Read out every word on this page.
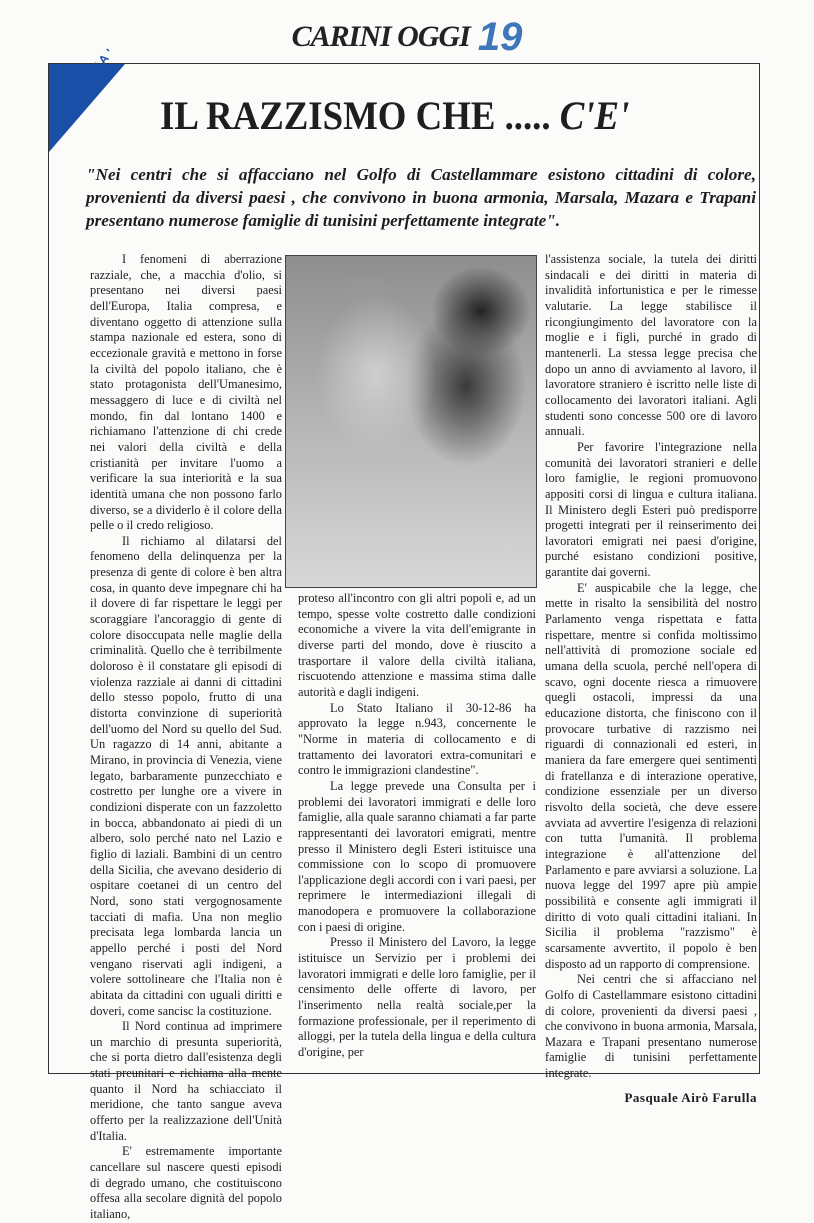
CARINI OGGI 19
SOCIETA' IL RAZZISMO CHE ..... C'E'
"Nei centri che si affacciano nel Golfo di Castellammare esistono cittadini di colore, provenienti da diversi paesi , che convivono in buona armonia, Marsala, Mazara e Trapani presentano numerose famiglie di tunisini perfettamente integrate".

I fenomeni di aberrazione razziale, che, a macchia d'olio, si presentano nei diversi paesi dell'Europa, Italia compresa, e diventano oggetto di attenzione sulla stampa nazionale ed estera, sono di eccezionale gravità e mettono in forse la civiltà del popolo italiano, che è stato protagonista dell'Umanesimo, messaggero di luce e di civiltà nel mondo, fin dal lontano 1400 e richiamano l'attenzione di chi crede nei valori della civiltà e della cristianità per invitare l'uomo a verificare la sua interiorità e la sua identità umana che non possono farlo diverso, se a dividerlo è il colore della pelle o il credo religioso.

Il richiamo al dilatarsi del fenomeno della delinquenza per la presenza di gente di colore è ben altra cosa, in quanto deve impegnare chi ha il dovere di far rispettare le leggi per scoraggiare l'ancoraggio di gente di colore disoccupata nelle maglie della criminalità. Quello che è terribilmente doloroso è il constatare gli episodi di violenza razziale ai danni di cittadini dello stesso popolo, frutto di una distorta convinzione di superiorità dell'uomo del Nord su quello del Sud. Un ragazzo di 14 anni, abitante a Mirano, in provincia di Venezia, viene legato, barbaramente punzecchiato e costretto per lunghe ore a vivere in condizioni disperate con un fazzoletto in bocca, abbandonato ai piedi di un albero, solo perché nato nel Lazio e figlio di laziali. Bambini di un centro della Sicilia, che avevano desiderio di ospitare coetanei di un centro del Nord, sono stati vergognosamente tacciati di mafia. Una non meglio precisata lega lombarda lancia un appello perché i posti del Nord vengano riservati agli indigeni, a volere sottolineare che l'Italia non è abitata da cittadini con uguali diritti e doveri, come sancisc la costituzione.

Il Nord continua ad imprimere un marchio di presunta superiorità, che si porta dietro dall'esistenza degli stati preunitari e richiama alla mente quanto il Nord ha schiacciato il meridione, che tanto sangue aveva offerto per la realizzazione dell'Unità d'Italia.

E' estremamente importante cancellare sul nascere questi episodi di degrado umano, che costituiscono offesa alla secolare dignità del popolo italiano,

proteso all'incontro con gli altri popoli e, ad un tempo, spesse volte costretto dalle condizioni economiche a vivere la vita dell'emigrante in diverse parti del mondo, dove è riuscito a trasportare il valore della civiltà italiana, riscuotendo attenzione e massima stima dalle autorità e dagli indigeni.

Lo Stato Italiano il 30-12-86 ha approvato la legge n.943, concernente le "Norme in materia di collocamento e di trattamento dei lavoratori extra-comunitari e contro le immigrazioni clandestine".

La legge prevede una Consulta per i problemi dei lavoratori immigrati e delle loro famiglie, alla quale saranno chiamati a far parte rappresentanti dei lavoratori emigrati, mentre presso il Ministero degli Esteri istituisce una commissione con lo scopo di promuovere l'applicazione degli accordi con i vari paesi, per reprimere le intermediazioni illegali di manodopera e promuovere la collaborazione con i paesi di origine.

Presso il Ministero del Lavoro, la legge istituisce un Servizio per i problemi dei lavoratori immigrati e delle loro famiglie, per il censimento delle offerte di lavoro, per l'inserimento nella realtà sociale,per la formazione professionale, per il reperimento di alloggi, per la tutela della lingua e della cultura d'origine, per

l'assistenza sociale, la tutela dei diritti sindacali e dei diritti in materia di invalidità infortunistica e per le rimesse valutarie. La legge stabilisce il ricongiungimento del lavoratore con la moglie e i figli, purché in grado di mantenerli. La stessa legge precisa che dopo un anno di avviamento al lavoro, il lavoratore straniero è iscritto nelle liste di collocamento dei lavoratori italiani. Agli studenti sono concesse 500 ore di lavoro annuali.

Per favorire l'integrazione nella comunità dei lavoratori stranieri e delle loro famiglie, le regioni promuovono appositi corsi di lingua e cultura italiana. Il Ministero degli Esteri può predisporre progetti integrati per il reinserimento dei lavoratori emigrati nei paesi d'origine, purché esistano condizioni positive, garantite dai governi.

E' auspicabile che la legge, che mette in risalto la sensibilità del nostro Parlamento venga rispettata e fatta rispettare, mentre si confida moltissimo nell'attività di promozione sociale ed umana della scuola, perché nell'opera di scavo, ogni docente riesca a rimuovere quegli ostacoli, impressi da una educazione distorta, che finiscono con il provocare turbative di razzismo nei riguardi di connazionali ed esteri, in maniera da fare emergere quei sentimenti di fratellanza e di interazione operative, condizione essenziale per un diverso risvolto della società, che deve essere avviata ad avvertire l'esigenza di relazioni con tutta l'umanità. Il problema integrazione è all'attenzione del Parlamento e pare avviarsi a soluzione. La nuova legge del 1997 apre più ampie possibilità e consente agli immigrati il diritto di voto quali cittadini italiani. In Sicilia il problema "razzismo" è scarsamente avvertito, il popolo è ben disposto ad un rapporto di comprensione.

Nei centri che si affacciano nel Golfo di Castellammare esistono cittadini di colore, provenienti da diversi paesi , che convivono in buona armonia, Marsala, Mazara e Trapani presentano numerose famiglie di tunisini perfettamente integrate.

Pasquale Airò Farulla
